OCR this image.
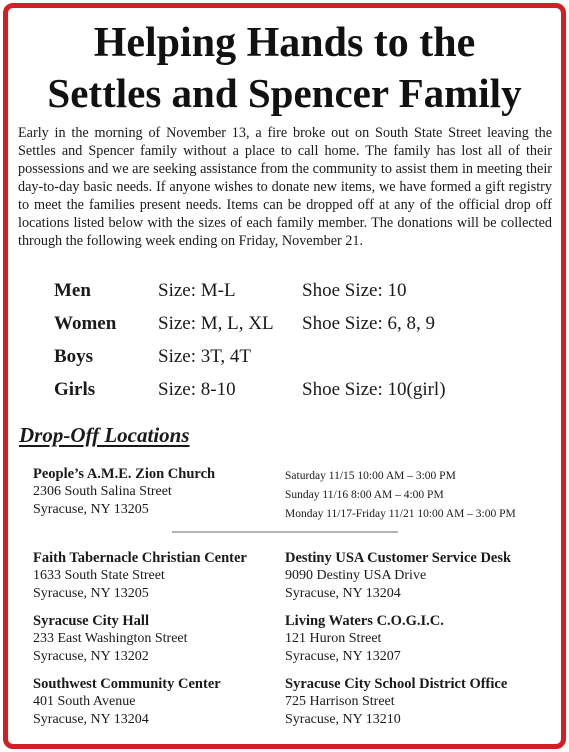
Helping Hands to the
Settles and Spencer Family
Early in the morning of November 13, a fire broke out on South State Street leaving the Settles and Spencer family without a place to call home. The family has lost all of their possessions and we are seeking assistance from the community to assist them in meeting their day-to-day basic needs. If anyone wishes to donate new items, we have formed a gift registry to meet the families present needs. Items can be dropped off at any of the official drop off locations listed below with the sizes of each family member. The donations will be collected through the following week ending on Friday, November 21.
Men	Size: M-L	Shoe Size: 10
Women Size: M, L, XL Shoe Size: 6, 8, 9
Boys	Size: 3T, 4T
Girls	Size: 8-10	Shoe Size: 10(girl)
Drop-Off Locations
People’s A.M.E. Zion Church
2306 South Salina Street
Syracuse, NY 13205
Saturday 11/15 10:00 AM – 3:00 PM
Sunday 11/16 8:00 AM – 4:00 PM
Monday 11/17-Friday 11/21 10:00 AM – 3:00 PM
Faith Tabernacle Christian Center
1633 South State Street
Syracuse, NY 13205
Destiny USA Customer Service Desk
9090 Destiny USA Drive
Syracuse, NY 13204
Syracuse City Hall
233 East Washington Street
Syracuse, NY 13202
Living Waters C.O.G.I.C.
121 Huron Street
Syracuse, NY 13207
Southwest Community Center
401 South Avenue
Syracuse, NY 13204
Syracuse City School District Office
725 Harrison Street
Syracuse, NY 13210
